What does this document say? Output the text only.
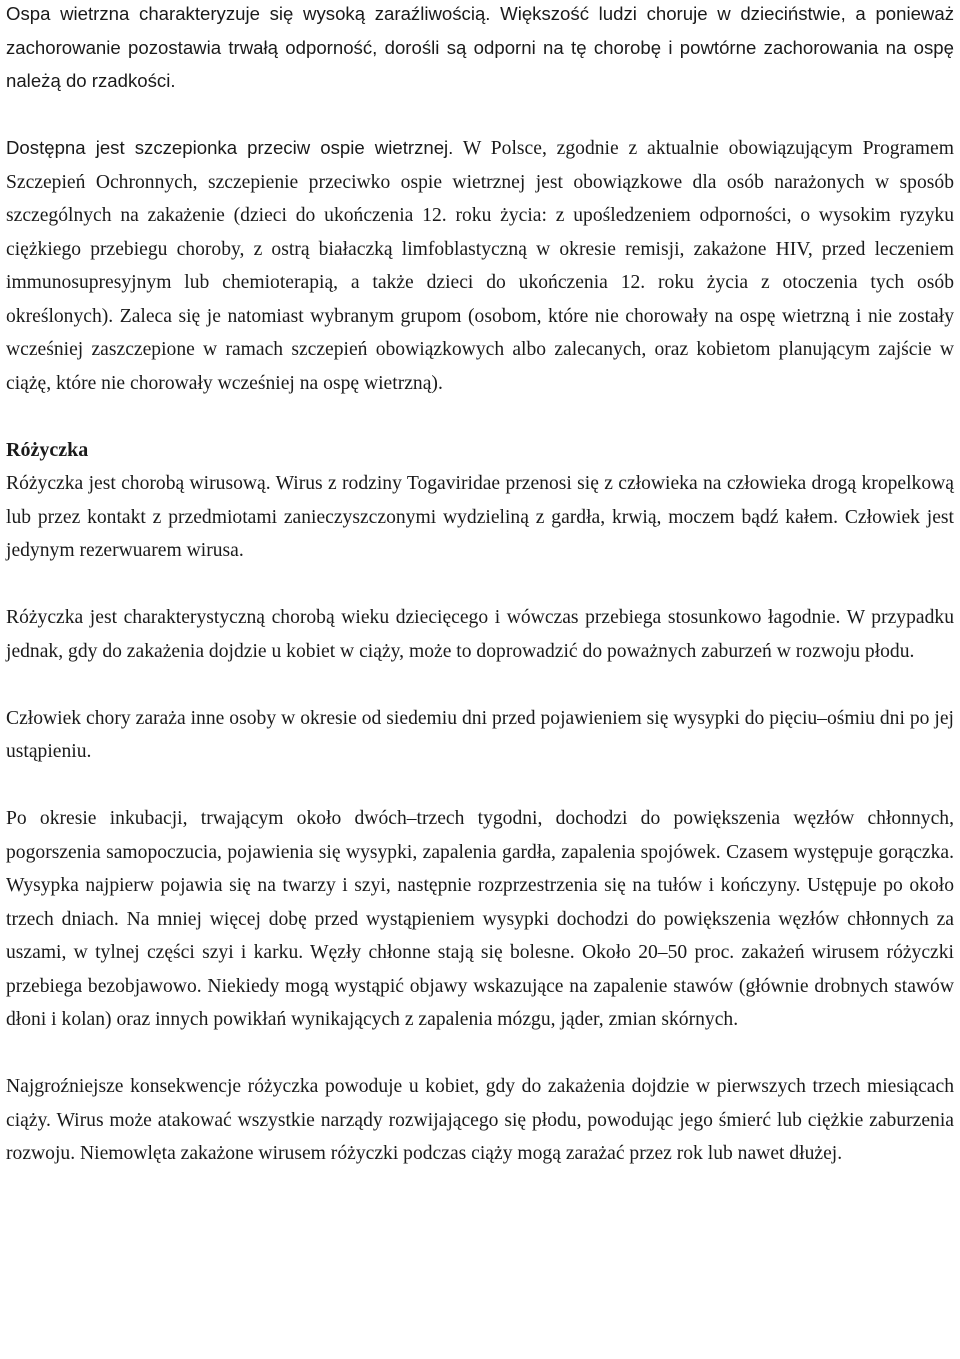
Ospa wietrzna charakteryzuje się wysoką zaraźliwością. Większość ludzi choruje w dzieciństwie, a ponieważ zachorowanie pozostawia trwałą odporność, dorośli są odporni na tę chorobę i powtórne zachorowania na ospę należą do rzadkości.

Dostępna jest szczepionka przeciw ospie wietrznej. W Polsce, zgodnie z aktualnie obowiązującym Programem Szczepień Ochronnych, szczepienie przeciwko ospie wietrznej jest obowiązkowe dla osób narażonych w sposób szczególnych na zakażenie (dzieci do ukończenia 12. roku życia: z upośledzeniem odporności, o wysokim ryzyku ciężkiego przebiegu choroby, z ostrą białaczką limfoblastyczną w okresie remisji, zakażone HIV, przed leczeniem immunosupresyjnym lub chemioterapią, a także dzieci do ukończenia 12. roku życia z otoczenia tych osób określonych). Zaleca się je natomiast wybranym grupom (osobom, które nie chorowały na ospę wietrzną i nie zostały wcześniej zaszczepione w ramach szczepień obowiązkowych albo zalecanych, oraz kobietom planującym zajście w ciążę, które nie chorowały wcześniej na ospę wietrzną).

Różyczka

Różyczka jest chorobą wirusową. Wirus z rodziny Togaviridae przenosi się z człowieka na człowieka drogą kropelkową lub przez kontakt z przedmiotami zanieczyszczonymi wydzieliną z gardła, krwią, moczem bądź kałem. Człowiek jest jedynym rezerwuarem wirusa.

Różyczka jest charakterystyczną chorobą wieku dziecięcego i wówczas przebiega stosunkowo łagodnie. W przypadku jednak, gdy do zakażenia dojdzie u kobiet w ciąży, może to doprowadzić do poważnych zaburzeń w rozwoju płodu.

Człowiek chory zaraża inne osoby w okresie od siedemiu dni przed pojawieniem się wysypki do pięciu–ośmiu dni po jej ustąpieniu.

Po okresie inkubacji, trwającym około dwóch–trzech tygodni, dochodzi do powiększenia węzłów chłonnych, pogorszenia samopoczucia, pojawienia się wysypki, zapalenia gardła, zapalenia spojówek. Czasem występuje gorączka. Wysypka najpierw pojawia się na twarzy i szyi, następnie rozprzestrzenia się na tułów i kończyny. Ustępuje po około trzech dniach. Na mniej więcej dobę przed wystąpieniem wysypki dochodzi do powiększenia węzłów chłonnych za uszami, w tylnej części szyi i karku. Węzły chłonne stają się bolesne. Około 20–50 proc. zakażeń wirusem różyczki przebiega bezobjawowo. Niekiedy mogą wystąpić objawy wskazujące na zapalenie stawów (głównie drobnych stawów dłoni i kolan) oraz innych powikłań wynikających z zapalenia mózgu, jąder, zmian skórnych.

Najgroźniejsze konsekwencje różyczka powoduje u kobiet, gdy do zakażenia dojdzie w pierwszych trzech miesiącach ciąży. Wirus może atakować wszystkie narządy rozwijającego się płodu, powodując jego śmierć lub ciężkie zaburzenia rozwoju. Niemowlęta zakażone wirusem różyczki podczas ciąży mogą zarażać przez rok lub nawet dłużej.
